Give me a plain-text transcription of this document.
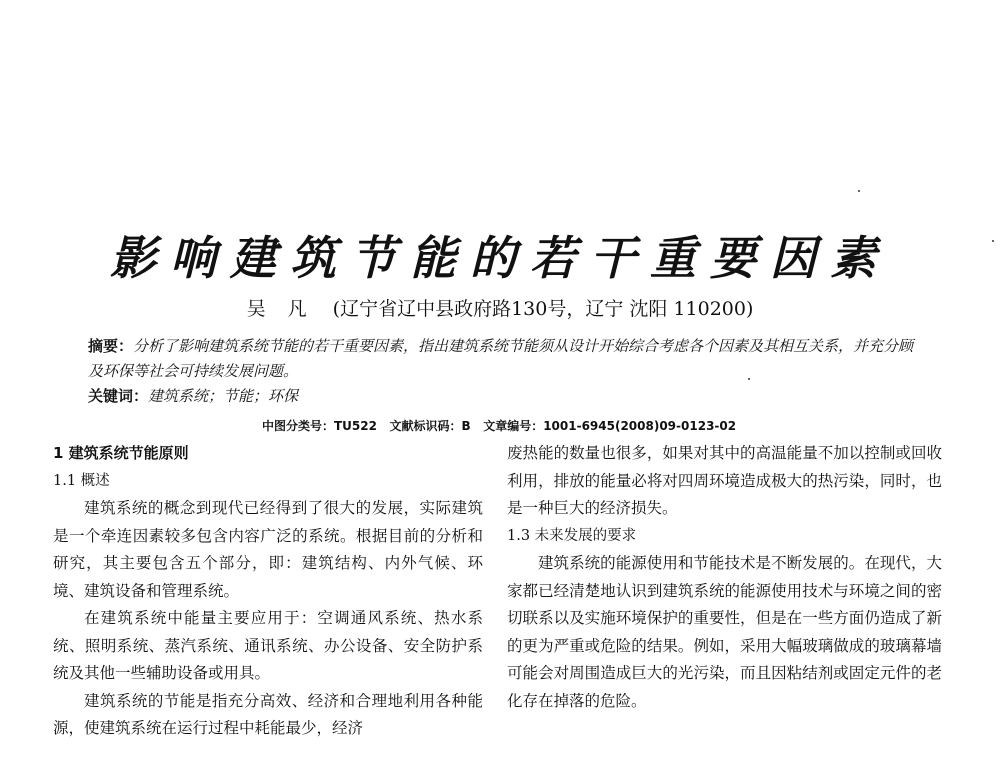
影响建筑节能的若干重要因素
吴 凡 (辽宁省辽中县政府路130号，辽宁 沈阳 110200)
摘要：分析了影响建筑系统节能的若干重要因素，指出建筑系统节能须从设计开始综合考虑各个因素及其相互关系，并充分顾及环保等社会可持续发展问题。
关键词：建筑系统；节能；环保
中图分类号：TU522   文献标识码：B   文章编号：1001-6945(2008)09-0123-02
1 建筑系统节能原则
1.1 概述

建筑系统的概念到现代已经得到了很大的发展，实际建筑是一个牵连因素较多包含内容广泛的系统。根据目前的分析和研究，其主要包含五个部分，即：建筑结构、内外气候、环境、建筑设备和管理系统。

在建筑系统中能量主要应用于：空调通风系统、热水系统、照明系统、蒸汽系统、通讯系统、办公设备、安全防护系统及其他一些辅助设备或用具。

建筑系统的节能是指充分高效、经济和合理地利用各种能源，使建筑系统在运行过程中耗能最少，经济

废热能的数量也很多，如果对其中的高温能量不加以控制或回收利用，排放的能量必将对四周环境造成极大的热污染，同时，也是一种巨大的经济损失。

1.3 未来发展的要求

建筑系统的能源使用和节能技术是不断发展的。在现代，大家都已经清楚地认识到建筑系统的能源使用技术与环境之间的密切联系以及实施环境保护的重要性，但是在一些方面仍造成了新的更为严重或危险的结果。例如，采用大幅玻璃做成的玻璃幕墙可能会对周围造成巨大的光污染，而且因粘结剂或固定元件的老化存在掉落的危险。
